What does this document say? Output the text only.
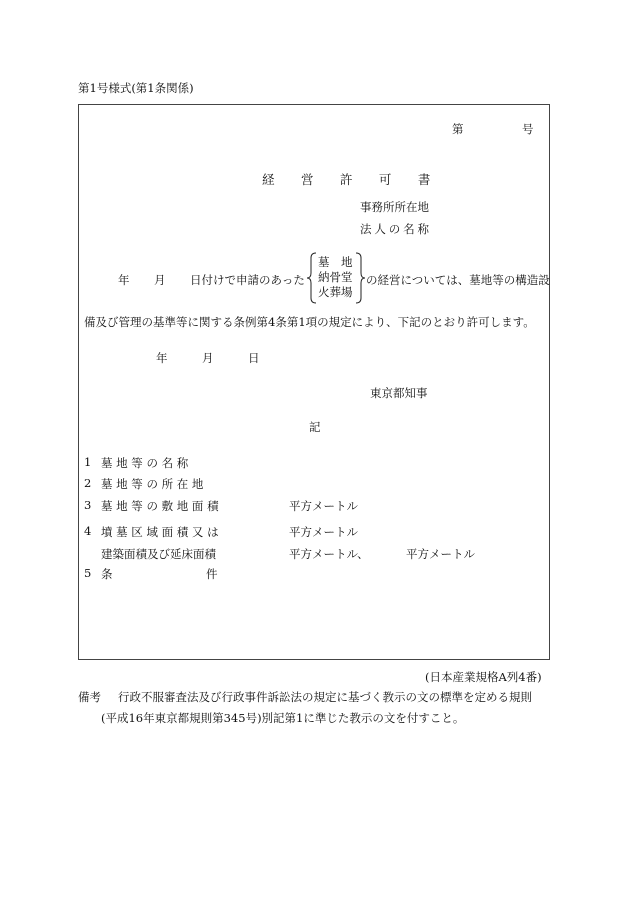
第1号様式(第1条関係)
第	号
経 営 許 可 書
事務所所在地
法人の名称
年 月 日付けで申請のあった
墓　地
納骨堂
火葬場
の経営については、墓地等の構造設
備及び管理の基準等に関する条例第4条第1項の規定により、下記のとおり許可します。
年	月	日
東京都知事
記
1 墓 地 等 の 名 称
2 墓 地 等 の 所 在 地
3 墓 地 等 の 敷 地 面 積	平方メートル
4 墳 墓 区 域 面 積 又 は	平方メートル
建築面積及び延床面積	平方メートル、	平方メートル
5 条	件
(日本産業規格A列4番)
備考 行政不服審査法及び行政事件訴訟法の規定に基づく教示の文の標準を定める規則
(平成16年東京都規則第345号)別記第1に準じた教示の文を付すこと。
